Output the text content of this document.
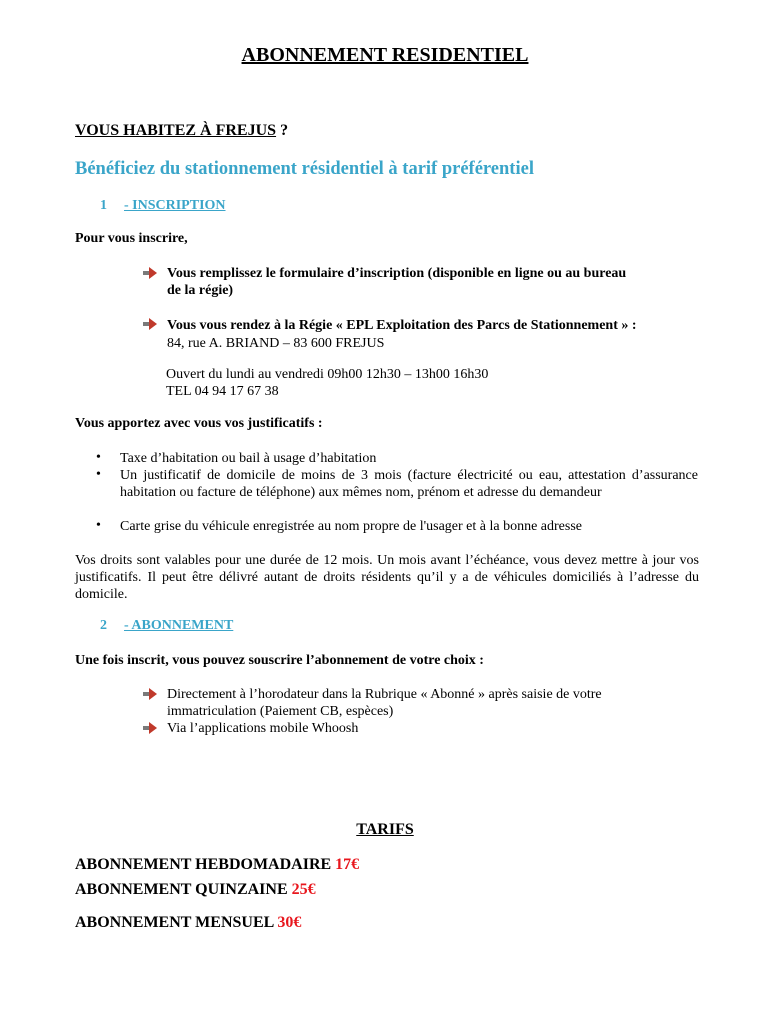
ABONNEMENT RESIDENTIEL
VOUS HABITEZ À FREJUS ?
Bénéficiez du stationnement résidentiel à tarif préférentiel
1 - INSCRIPTION
Pour vous inscrire,
Vous remplissez le formulaire d’inscription (disponible en ligne ou au bureau
de la régie)
Vous vous rendez à la Régie « EPL Exploitation des Parcs de Stationnement » :
84, rue A. BRIAND – 83 600 FREJUS
Ouvert du lundi au vendredi 09h00 12h30 – 13h00 16h30
TEL 04 94 17 67 38
Vous apportez avec vous vos justificatifs :
• Taxe d’habitation ou bail à usage d’habitation
• Un justificatif de domicile de moins de 3 mois (facture électricité ou eau, attestation d’assurance habitation ou facture de téléphone) aux mêmes nom, prénom et adresse du demandeur
• Carte grise du véhicule enregistrée au nom propre de l'usager et à la bonne adresse
Vos droits sont valables pour une durée de 12 mois. Un mois avant l’échéance, vous devez mettre à jour vos justificatifs. Il peut être délivré autant de droits résidents qu’il y a de véhicules domiciliés à l’adresse du domicile.
2 - ABONNEMENT
Une fois inscrit, vous pouvez souscrire l’abonnement de votre choix :
Directement à l’horodateur dans la Rubrique « Abonné » après saisie de votre
immatriculation (Paiement CB, espèces)
Via l’applications mobile Whoosh
TARIFS
ABONNEMENT HEBDOMADAIRE 17€
ABONNEMENT QUINZAINE 25€
ABONNEMENT MENSUEL 30€
